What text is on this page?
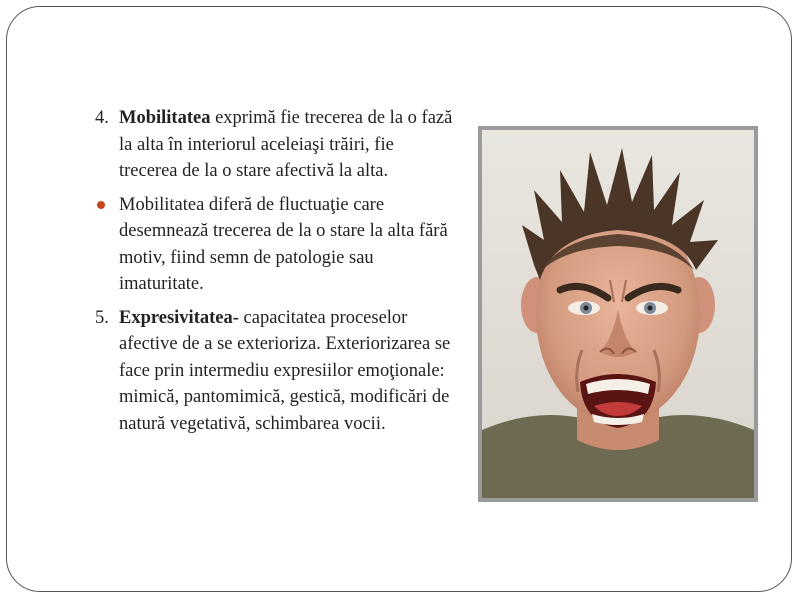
4. Mobilitatea exprimă fie trecerea de la o fază la alta în interiorul aceleiaşi trăiri, fie trecerea de la o stare afectivă la alta.
Mobilitatea diferă de fluctuaţie care desemnează trecerea de la o stare la alta fără motiv, fiind semn de patologie sau imaturitate.
5. Expresivitatea- capacitatea proceselor afective de a se exterioriza. Exteriorizarea se face prin intermediu expresiilor emoţionale: mimică, pantomimică, gestică, modificări de natură vegetativă, schimbarea vocii.
